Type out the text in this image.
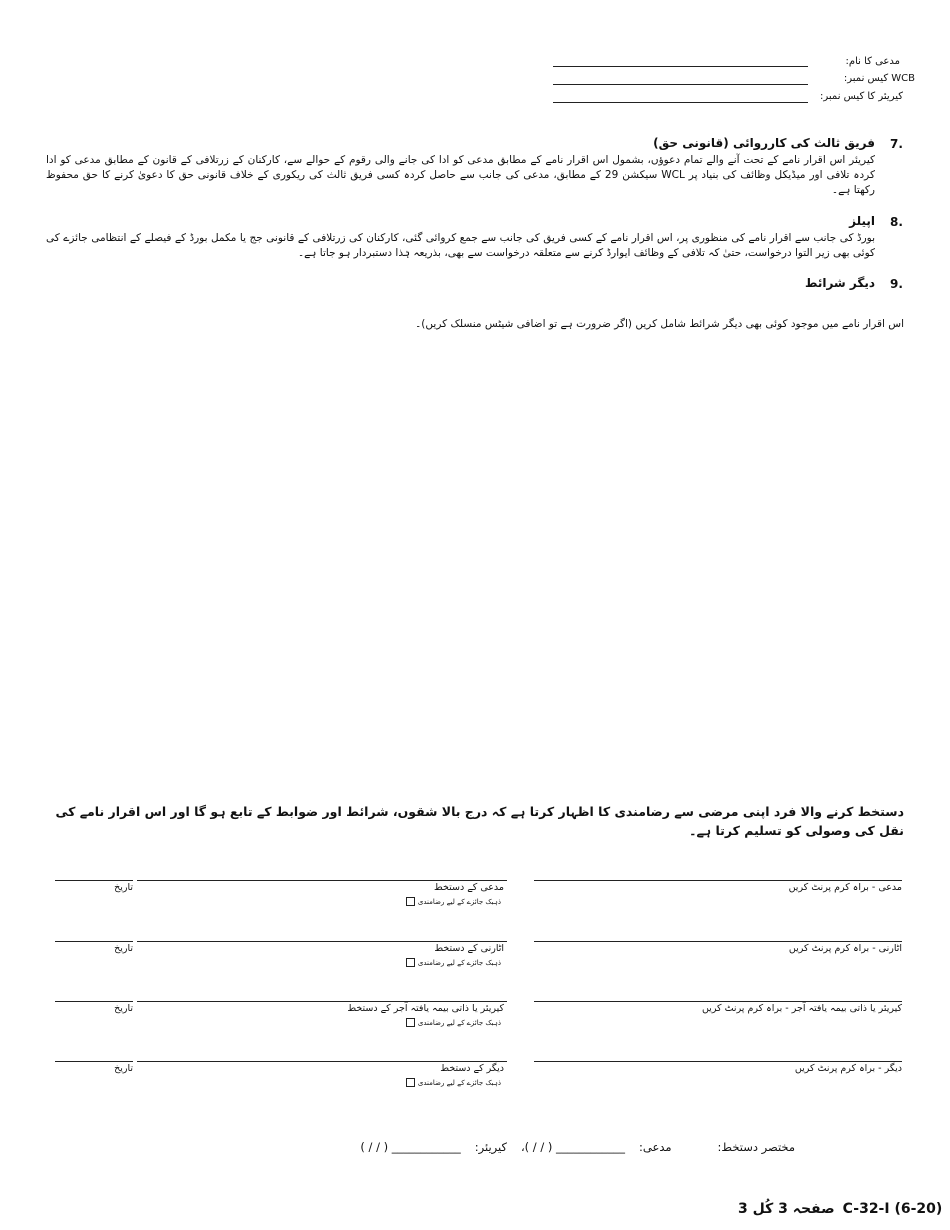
مدعی کا نام:
WCB کیس نمبر:
کیریئر کا کیس نمبر:
7.
فریق ثالث کی کارروائی (قانونی حق)
کیریئر اس اقرار نامے کے تحت آنے والے تمام دعوؤں، بشمول اس اقرار نامے کے مطابق مدعی کو ادا کی جانے والی رقوم کے حوالے سے، کارکنان کے زرتلافی کے قانون کے مطابق مدعی کو ادا کردہ تلافی اور میڈیکل وظائف کی بنیاد پر WCL سیکشن 29 کے مطابق، مدعی کی جانب سے حاصل کردہ کسی فریق ثالث کی ریکوری کے خلاف قانونی حق کا دعویٰ کرنے کا حق محفوظ رکھتا ہے۔
8.
اپیلز
بورڈ کی جانب سے اقرار نامے کی منظوری پر، اس اقرار نامے کے کسی فریق کی جانب سے جمع کروائی گئی، کارکنان کی زرتلافی کے قانونی جج یا مکمل بورڈ کے فیصلے کے انتظامی جائزے کی کوئی بھی زیر التوا درخواست، حتیٰ کہ تلافی کے وظائف ایوارڈ کرنے سے متعلقہ درخواست سے بھی، بذریعہ ہٰذا دستبردار ہو جاتا ہے۔
9.
دیگر شرائط
اس اقرار نامے میں موجود کوئی بھی دیگر شرائط شامل کریں (اگر ضرورت ہے تو اضافی شیٹس منسلک کریں)۔
دستخط کرنے والا فرد اپنی مرضی سے رضامندی کا اظہار کرتا ہے کہ درج بالا شقوں، شرائط اور ضوابط کے تابع ہو گا اور اس اقرار نامے کی نقل کی وصولی کو تسلیم کرتا ہے۔
مدعی - براہ کرم پرنٹ کریں
مدعی کے دستخط
ذہبک جائزے کے لیے رضامندی
تاریخ
اٹارنی - براہ کرم پرنٹ کریں
اٹارنی کے دستخط
ذہبک جائزے کے لیے رضامندی
تاریخ
کیریئر یا ذاتی بیمہ یافتہ آجر - براہ کرم پرنٹ کریں
کیریئر یا ذاتی بیمہ یافتہ آجر کے دستخط
ذہبک جائزے کے لیے رضامندی
تاریخ
دیگر - براہ کرم پرنٹ کریں
دیگر کے دستخط
ذہبک جائزے کے لیے رضامندی
تاریخ
مختصر دستخط:
مدعی:
____________ ( / / )،
کیریئر:
____________ ( / / )
C-32-I (6-20)
صفحہ 3 کُل 3
